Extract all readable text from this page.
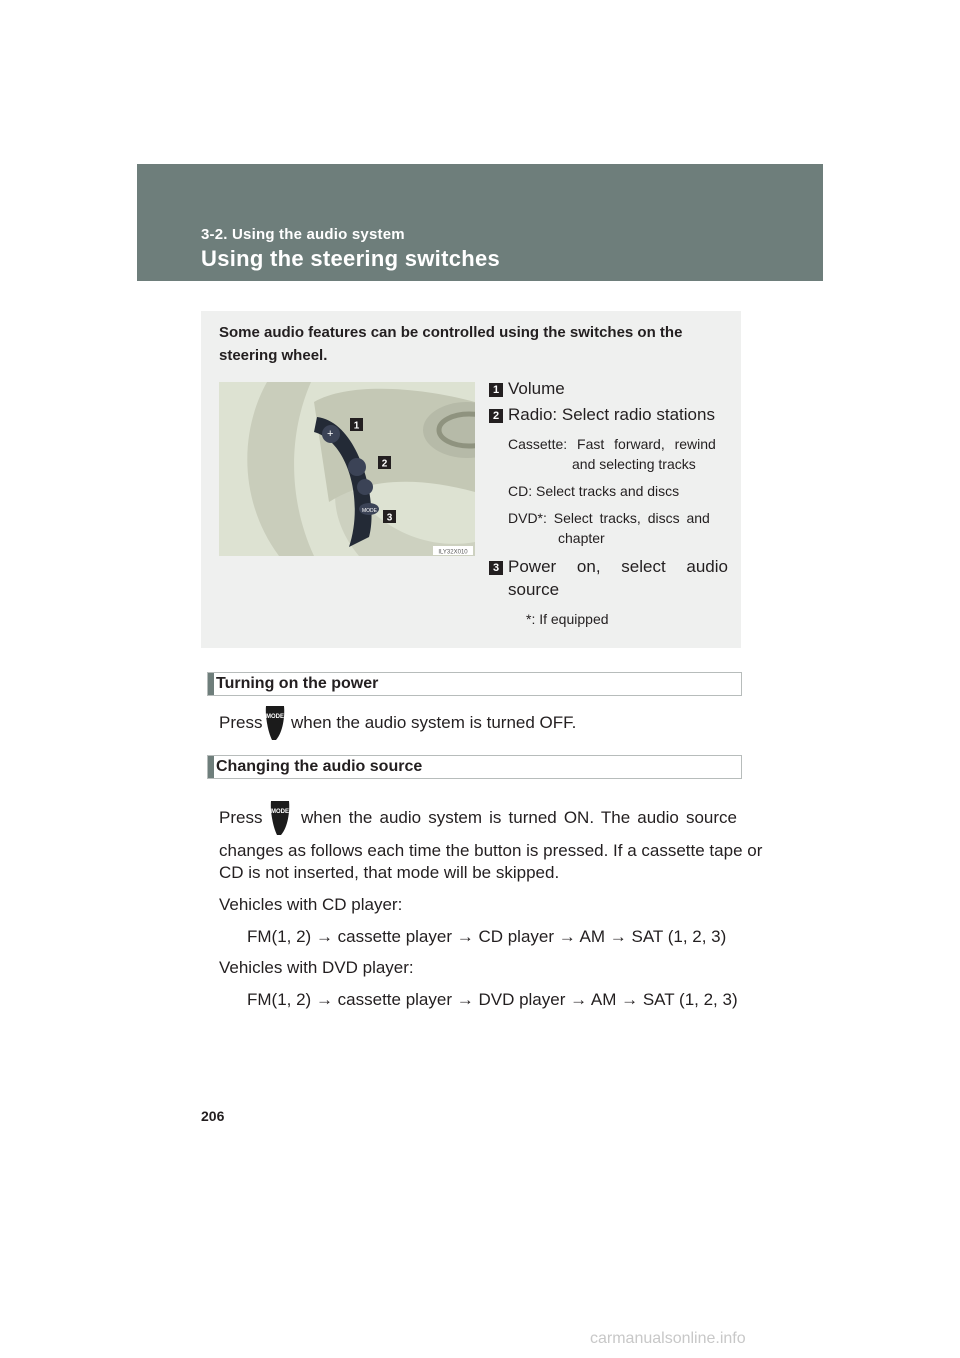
3-2. Using the audio system
Using the steering switches
Some audio features can be controlled using the switches on the steering wheel.
+
MODE
1
2
3
ILY32X010
1 Volume
2 Radio: Select radio stations
Cassette: Fast forward, rewind
and selecting tracks
CD: Select tracks and discs
DVD*: Select tracks, discs and
chapter
3 Power on, select audio
source
*: If equipped
Turning on the power
Press MODE when the audio system is turned OFF.
Changing the audio source
Press MODE when the audio system is turned ON. The audio source
changes as follows each time the button is pressed. If a cassette tape or
CD is not inserted, that mode will be skipped.
Vehicles with CD player:
FM(1, 2) → cassette player → CD player → AM → SAT (1, 2, 3)
Vehicles with DVD player:
FM(1, 2) → cassette player → DVD player → AM → SAT (1, 2, 3)
206
carmanualsonline.info
